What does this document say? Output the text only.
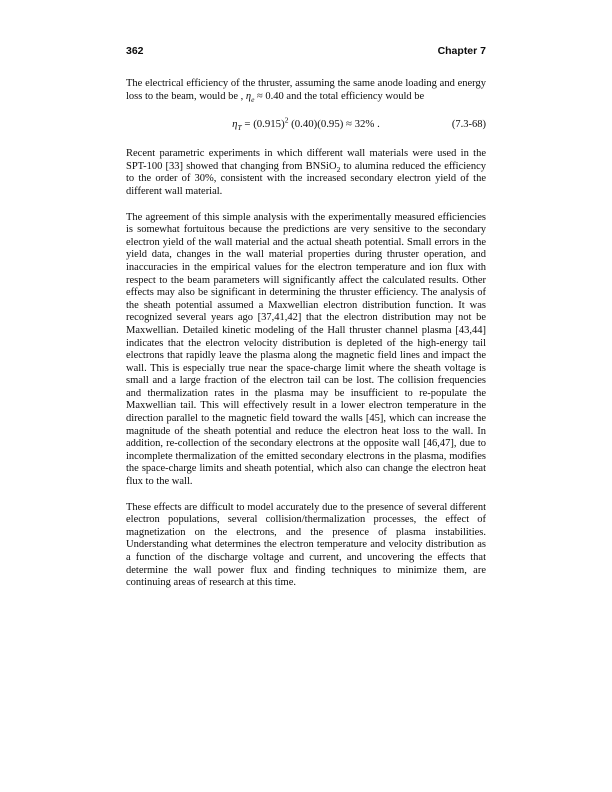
362	Chapter 7

The electrical efficiency of the thruster, assuming the same anode loading and energy loss to the beam, would be , $\eta_e \approx 0.40$ and the total efficiency would be

$\eta_T = (0.915)^2$ (0.40)(0.95) ≈ 32% .	(7.3-68)

Recent parametric experiments in which different wall materials were used in the SPT-100 [33] showed that changing from BNSiO$_2$ to alumina reduced the efficiency to the order of 30%, consistent with the increased secondary electron yield of the different wall material.

The agreement of this simple analysis with the experimentally measured efficiencies is somewhat fortuitous because the predictions are very sensitive to the secondary electron yield of the wall material and the actual sheath potential. Small errors in the yield data, changes in the wall material properties during thruster operation, and inaccuracies in the empirical values for the electron temperature and ion flux with respect to the beam parameters will significantly affect the calculated results. Other effects may also be significant in determining the thruster efficiency. The analysis of the sheath potential assumed a Maxwellian electron distribution function. It was recognized several years ago [37,41,42] that the electron distribution may not be Maxwellian. Detailed kinetic modeling of the Hall thruster channel plasma [43,44] indicates that the electron velocity distribution is depleted of the high-energy tail electrons that rapidly leave the plasma along the magnetic field lines and impact the wall. This is especially true near the space-charge limit where the sheath voltage is small and a large fraction of the electron tail can be lost. The collision frequencies and thermalization rates in the plasma may be insufficient to re-populate the Maxwellian tail. This will effectively result in a lower electron temperature in the direction parallel to the magnetic field toward the walls [45], which can increase the magnitude of the sheath potential and reduce the electron heat loss to the wall. In addition, re-collection of the secondary electrons at the opposite wall [46,47], due to incomplete thermalization of the emitted secondary electrons in the plasma, modifies the space-charge limits and sheath potential, which also can change the electron heat flux to the wall.

These effects are difficult to model accurately due to the presence of several different electron populations, several collision/thermalization processes, the effect of magnetization on the electrons, and the presence of plasma instabilities. Understanding what determines the electron temperature and velocity distribution as a function of the discharge voltage and current, and uncovering the effects that determine the wall power flux and finding techniques to minimize them, are continuing areas of research at this time.
